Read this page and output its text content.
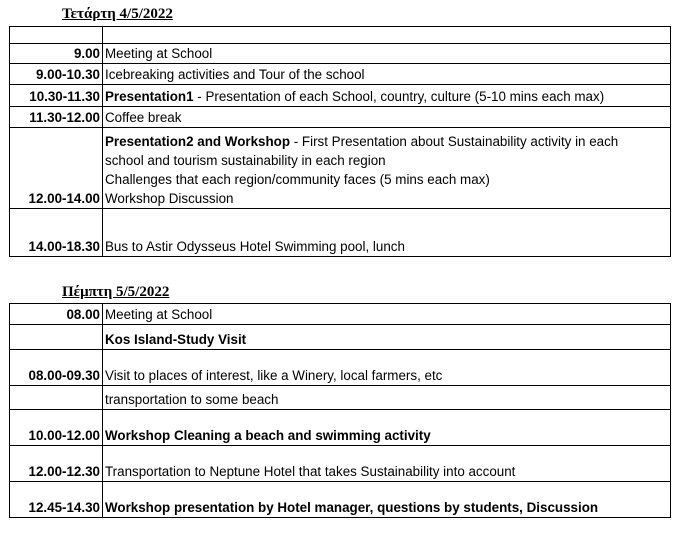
Τετάρτη 4/5/2022

9.00	Meeting at School
9.00-10.30	Icebreaking activities and Tour of the school
10.30-11.30	Presentation1 - Presentation of each School, country, culture (5-10 mins each max)
11.30-12.00	Coffee break
12.00-14.00	Presentation2 and Workshop - First Presentation about Sustainability activity in each
school and tourism sustainability in each region
Challenges that each region/community faces (5 mins each max)
Workshop Discussion

14.00-18.30	Bus to Astir Odysseus Hotel Swimming pool, lunch
Πέμπτη 5/5/2022
08.00	Meeting at School
	Kos Island-Study Visit
08.00-09.30	Visit to places of interest, like a Winery, local farmers, etc
	transportation to some beach
10.00-12.00	Workshop Cleaning a beach and swimming activity
12.00-12.30	Transportation to Neptune Hotel that takes Sustainability into account
12.45-14.30	Workshop presentation by Hotel manager, questions by students, Discussion
